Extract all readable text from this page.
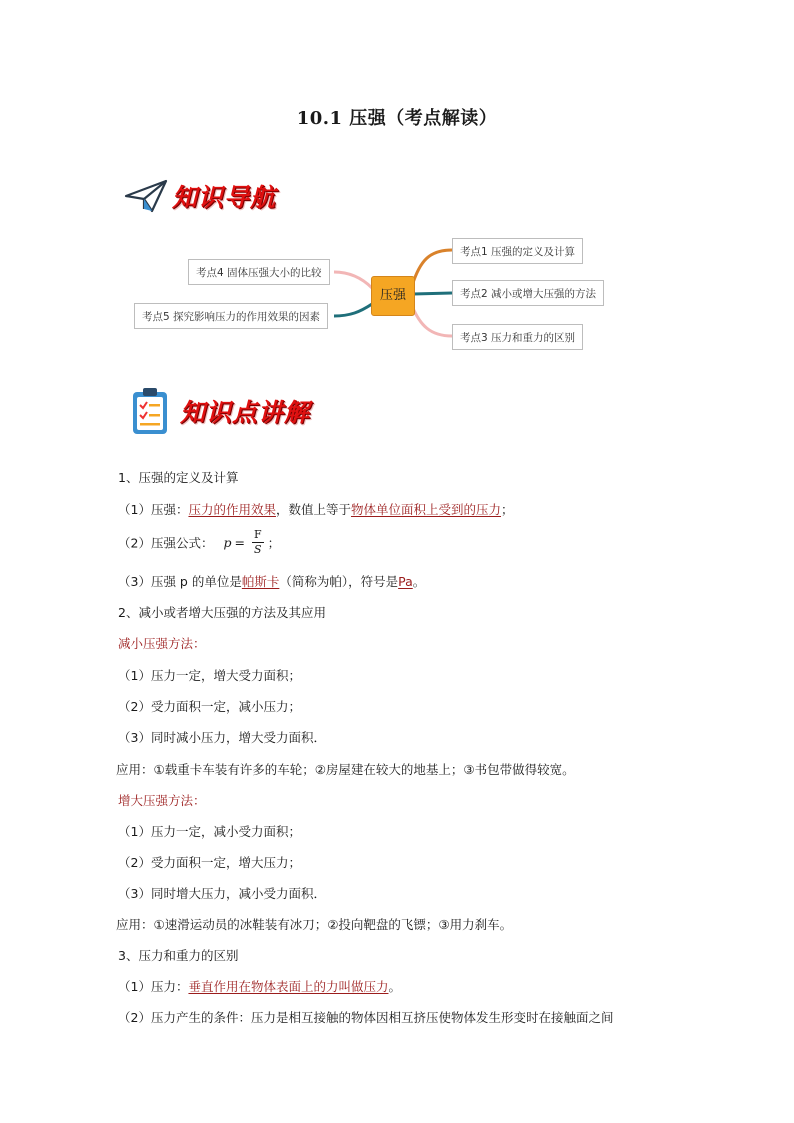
10.1 压强（考点解读）
知识导航
压强
考点1 压强的定义及计算
考点2 减小或增大压强的方法
考点3 压力和重力的区别
考点4 固体压强大小的比较
考点5 探究影响压力的作用效果的因素
知识点讲解
1、压强的定义及计算
（1）压强：压力的作用效果，数值上等于物体单位面积上受到的压力；
（2）压强公式： $p = \frac{F}{S}$ ；
（3）压强 p 的单位是帕斯卡（简称为帕），符号是Pa。
2、减小或者增大压强的方法及其应用
减小压强方法：
（1）压力一定，增大受力面积；
（2）受力面积一定，减小压力；
（3）同时减小压力，增大受力面积．
应用：①载重卡车装有许多的车轮；②房屋建在较大的地基上；③书包带做得较宽。
增大压强方法：
（1）压力一定，减小受力面积；
（2）受力面积一定，增大压力；
（3）同时增大压力，减小受力面积．
应用：①速滑运动员的冰鞋装有冰刀；②投向靶盘的飞镖；③用力刹车。
3、压力和重力的区别
（1）压力：垂直作用在物体表面上的力叫做压力。
（2）压力产生的条件：压力是相互接触的物体因相互挤压使物体发生形变时在接触面之间
